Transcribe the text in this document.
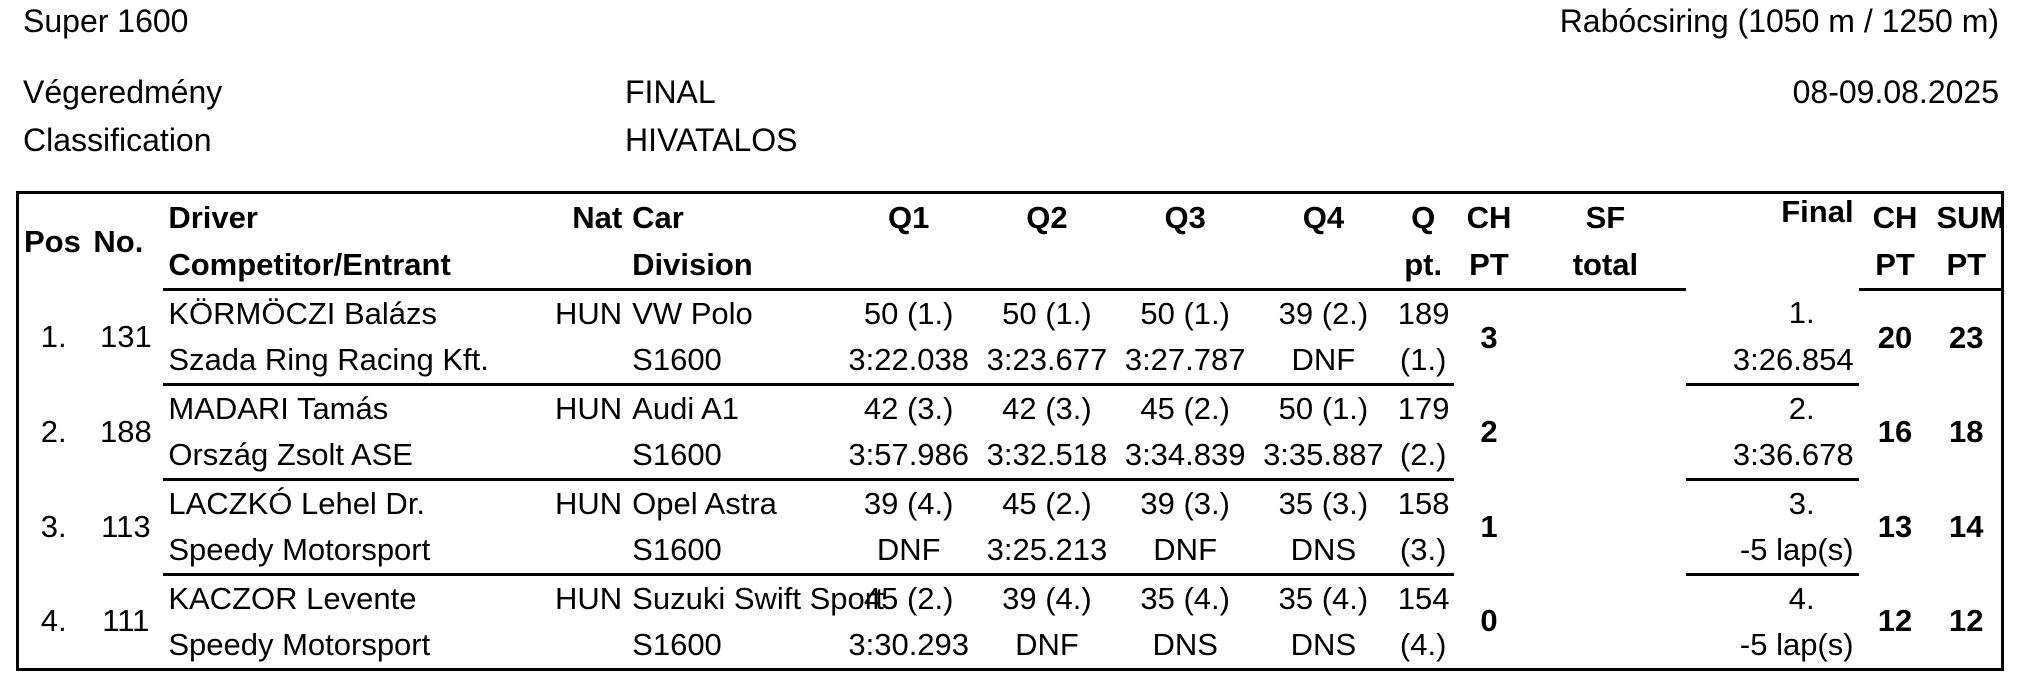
Super 1600	Rabócsiring (1050 m / 1250 m)
Végeredmény
Classification
FINAL
HIVATALOS
08-09.08.2025
Pos	No.	Driver	Nat	Car	Q1	Q2	Q3	Q4	Q	CH	SF	Final	CH	SUM
		Competitor/Entrant		Division					pt.	PT	total		PT	PT
1.	131	KÖRMÖCZI Balázs	HUN	VW Polo	50 (1.)	50 (1.)	50 (1.)	39 (2.)	189	3		1.	20	23
		Szada Ring Racing Kft.		S1600	3:22.038	3:23.677	3:27.787	DNF	(1.)			3:26.854		
2.	188	MADARI Tamás	HUN	Audi A1	42 (3.)	42 (3.)	45 (2.)	50 (1.)	179	2		2.	16	18
		Ország Zsolt ASE		S1600	3:57.986	3:32.518	3:34.839	3:35.887	(2.)			3:36.678		
3.	113	LACZKÓ Lehel Dr.	HUN	Opel Astra	39 (4.)	45 (2.)	39 (3.)	35 (3.)	158	1		3.	13	14
		Speedy Motorsport		S1600	DNF	3:25.213	DNF	DNS	(3.)			-5 lap(s)		
4.	111	KACZOR Levente	HUN	Suzuki Swift Sport	45 (2.)	39 (4.)	35 (4.)	35 (4.)	154	0		4.	12	12
		Speedy Motorsport		S1600	3:30.293	DNF	DNS	DNS	(4.)			-5 lap(s)		
